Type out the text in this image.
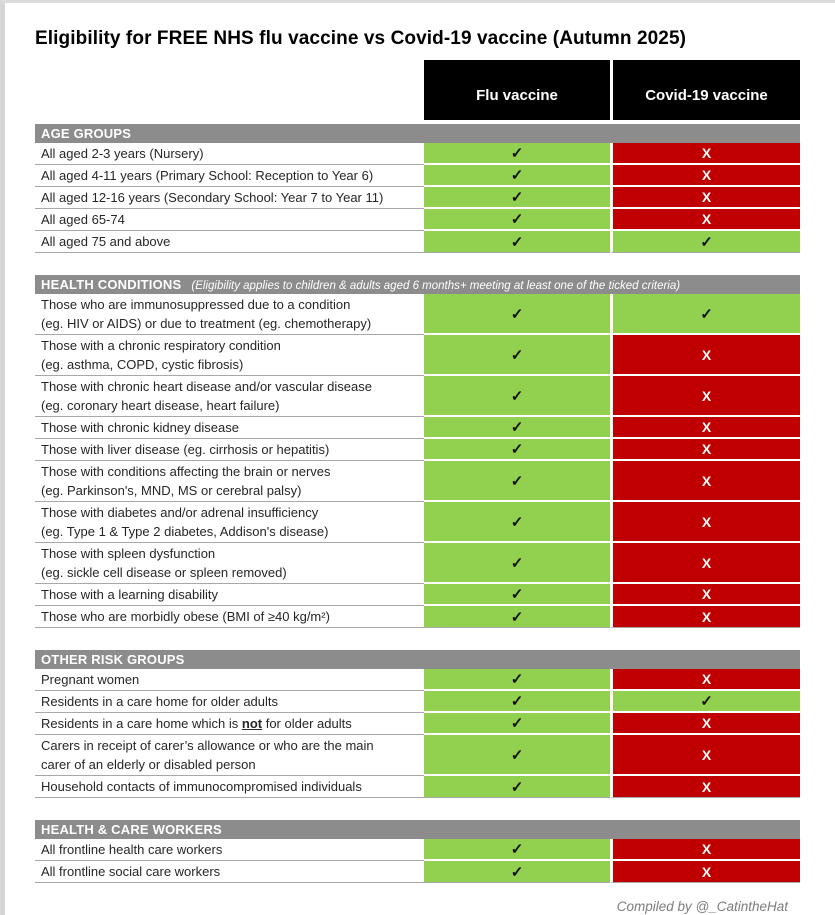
Eligibility for FREE NHS flu vaccine vs Covid-19 vaccine (Autumn 2025)
Flu vaccine	Covid-19 vaccine
AGE GROUPS
All aged 2-3 years (Nursery)	✓	X
All aged 4-11 years (Primary School: Reception to Year 6)	✓	X
All aged 12-16 years (Secondary School: Year 7 to Year 11)	✓	X
All aged 65-74	✓	X
All aged 75 and above	✓	✓
HEALTH CONDITIONS (Eligibility applies to children & adults aged 6 months+ meeting at least one of the ticked criteria)
Those who are immunosuppressed due to a condition
(eg. HIV or AIDS) or due to treatment (eg. chemotherapy)
✓	✓
Those with a chronic respiratory condition
(eg. asthma, COPD, cystic fibrosis)
✓	X
Those with chronic heart disease and/or vascular disease
(eg. coronary heart disease, heart failure)
✓	X
Those with chronic kidney disease	✓	X
Those with liver disease (eg. cirrhosis or hepatitis)	✓	X
Those with conditions affecting the brain or nerves
(eg. Parkinson's, MND, MS or cerebral palsy)
✓	X
Those with diabetes and/or adrenal insufficiency
(eg. Type 1 & Type 2 diabetes, Addison's disease)
✓	X
Those with spleen dysfunction
(eg. sickle cell disease or spleen removed)
✓	X
Those with a learning disability	✓	X
Those who are morbidly obese (BMI of ≥40 kg/m²)	✓	X
OTHER RISK GROUPS
Pregnant women	✓	X
Residents in a care home for older adults	✓	✓
Residents in a care home which is not for older adults	✓	X
Carers in receipt of carer’s allowance or who are the main
carer of an elderly or disabled person
✓	X
Household contacts of immunocompromised individuals	✓	X
HEALTH & CARE WORKERS
All frontline health care workers	✓	X
All frontline social care workers	✓	X
Compiled by @_CatintheHat
